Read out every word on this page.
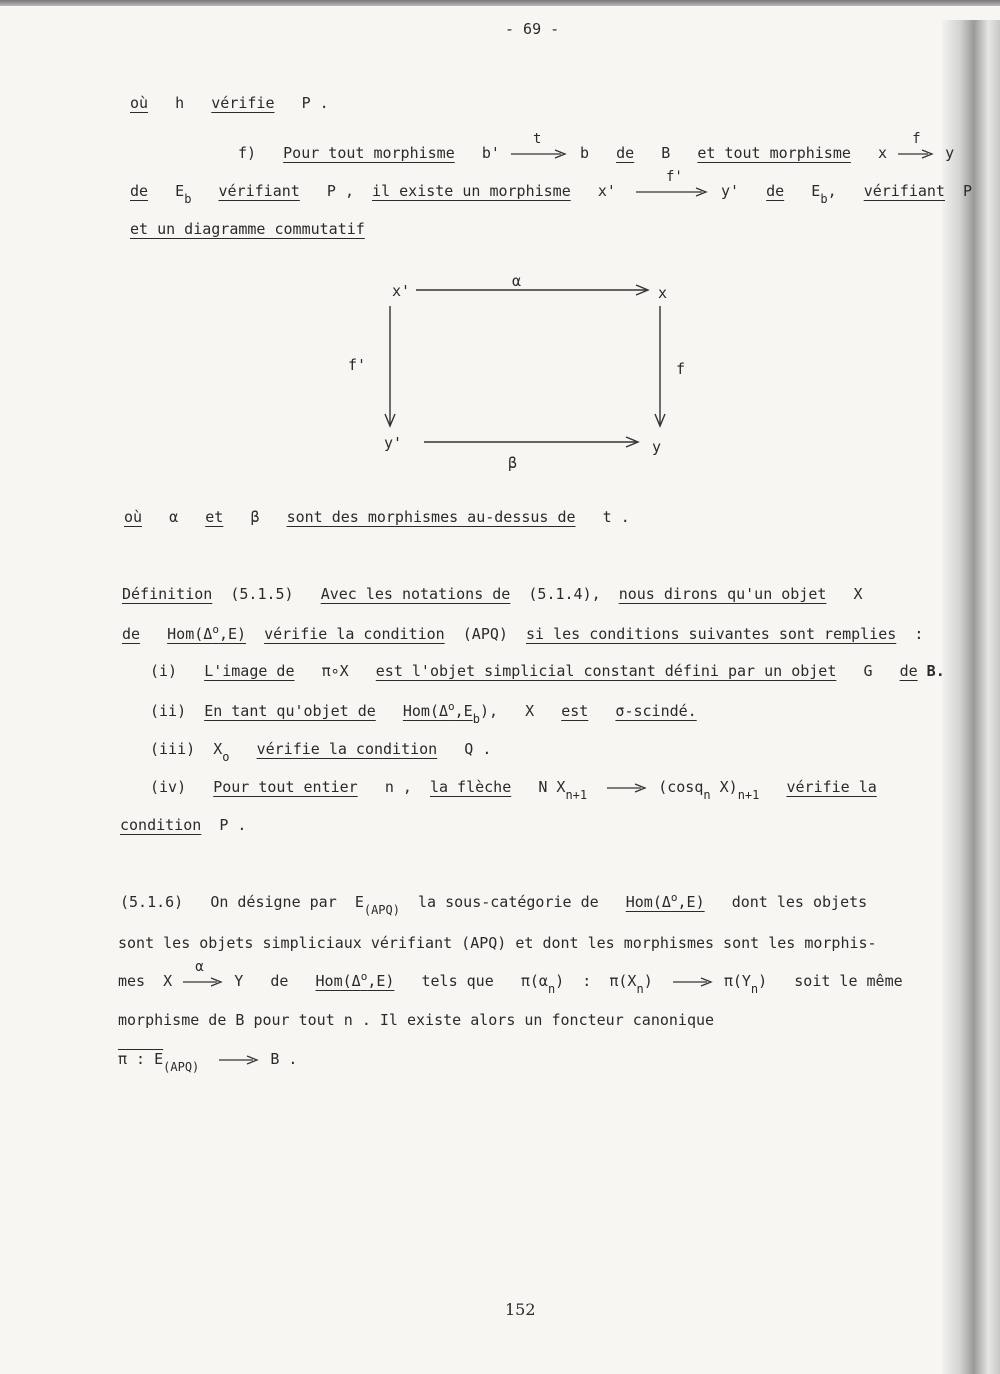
- 69 -
où h vérifie P .
f) Pour tout morphisme b'
t
b de B et tout morphisme x
f
y
de $E_b$ vérifiant P , il existe un morphisme x'
f'
y' de $E_b$, vérifiant P
et un diagramme commutatif
x'	x
y'	y
α
β
f'	f
où α et β sont des morphismes au-dessus de t .
Définition (5.1.5) Avec les notations de (5.1.4), nous dirons qu'un objet X
de $Hom(\Delta^o,E)$ vérifie la condition (APQ) si les conditions suivantes sont remplies :
(i) L'image de π∘X est l'objet simplicial constant défini par un objet G de B.
(ii) En tant qu'objet de $Hom(\Delta^o,E_b)$, X est σ-scindé.
(iii) $X_o$ vérifie la condition Q .
(iv) Pour tout entier n , la flèche N $X_{n+1}$	(cosq$_n$ $X)_{n+1}$ vérifie la
condition P .
(5.1.6) On désigne par $E_{(APQ)}$ la sous-catégorie de $Hom(\Delta^o,E)$ dont les objets
sont les objets simpliciaux vérifiant (APQ) et dont les morphismes sont les morphis-
mes X
α
Y de $Hom(\Delta^o,E)$ tels que $\pi(\alpha_n)$ : $\pi(X_n)$	$\pi(Y_n)$ soit le même
morphisme de B pour tout n . Il existe alors un foncteur canonique
π : $E_{(APQ)}$	B .
152
